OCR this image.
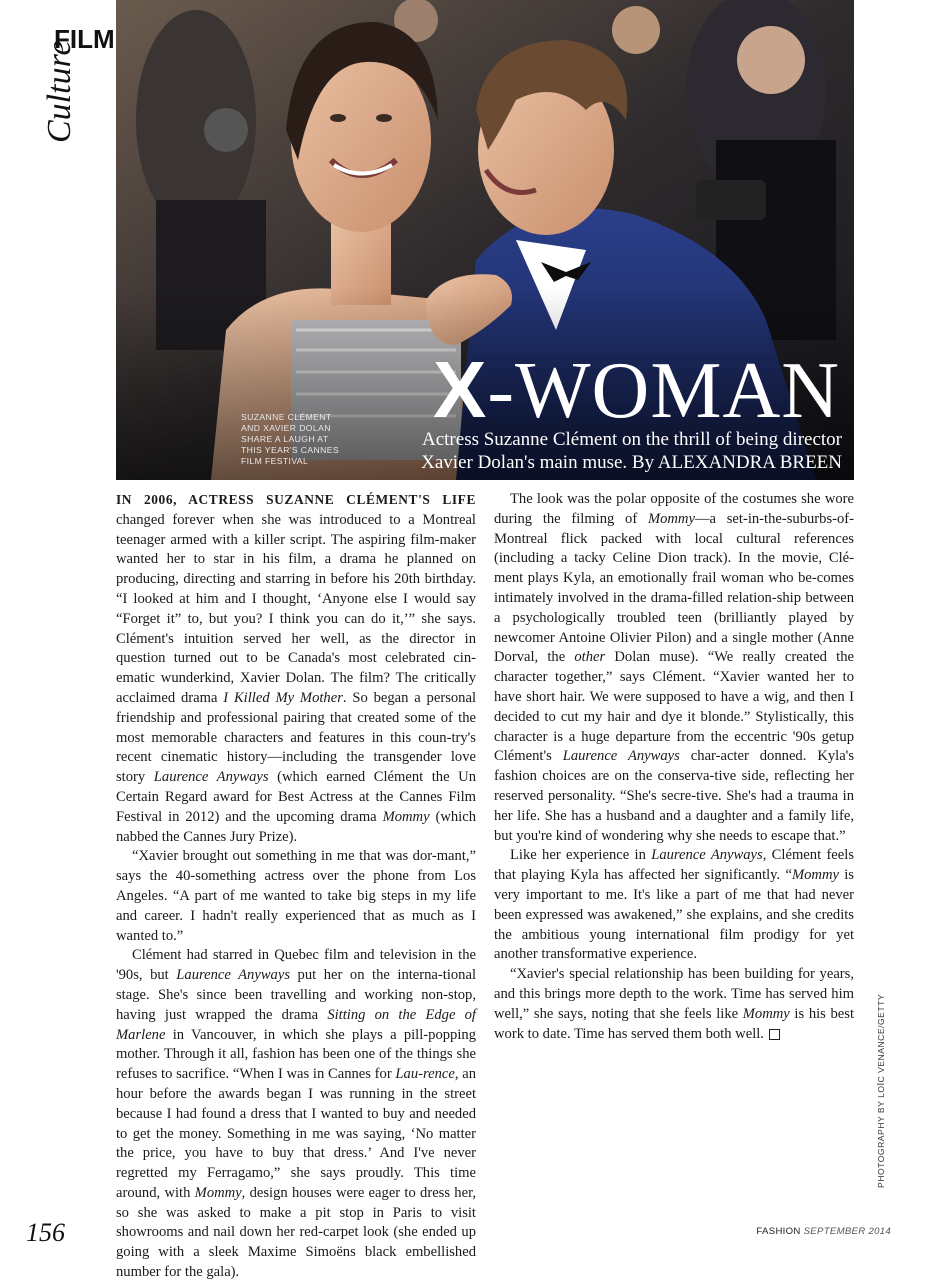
Culture
FILM
SUZANNE CLÉMENT
AND XAVIER DOLAN
SHARE A LAUGH AT
THIS YEAR'S CANNES
FILM FESTIVAL
X-WOMAN
Actress Suzanne Clément on the thrill of being director
Xavier Dolan's main muse. By ALEXANDRA BREEN

IN 2006, ACTRESS SUZANNE CLÉMENT'S LIFE changed forever when she was introduced to a Montreal teenager armed with a killer script. The aspiring film-maker wanted her to star in his film, a drama he planned on producing, directing and starring in before his 20th birthday. “I looked at him and I thought, ‘Anyone else I would say “Forget it” to, but you? I think you can do it,’” she says. Clément's intuition served her well, as the director in question turned out to be Canada's most celebrated cin-ematic wunderkind, Xavier Dolan. The film? The critically acclaimed drama I Killed My Mother. So began a personal friendship and professional pairing that created some of the most memorable characters and features in this coun-try's recent cinematic history—including the transgender love story Laurence Anyways (which earned Clément the Un Certain Regard award for Best Actress at the Cannes Film Festival in 2012) and the upcoming drama Mommy (which nabbed the Cannes Jury Prize).

“Xavier brought out something in me that was dor-mant,” says the 40-something actress over the phone from Los Angeles. “A part of me wanted to take big steps in my life and career. I hadn't really experienced that as much as I wanted to.”

Clément had starred in Quebec film and television in the '90s, but Laurence Anyways put her on the interna-tional stage. She's since been travelling and working non-stop, having just wrapped the drama Sitting on the Edge of Marlene in Vancouver, in which she plays a pill-popping mother. Through it all, fashion has been one of the things she refuses to sacrifice. “When I was in Cannes for Lau-rence, an hour before the awards began I was running in the street because I had found a dress that I wanted to buy and needed to get the money. Something in me was saying, ‘No matter the price, you have to buy that dress.’ And I've never regretted my Ferragamo,” she says proudly. This time around, with Mommy, design houses were eager to dress her, so she was asked to make a pit stop in Paris to visit showrooms and nail down her red-carpet look (she ended up going with a sleek Maxime Simoëns black embellished number for the gala).

The look was the polar opposite of the costumes she wore during the filming of Mommy—a set-in-the-suburbs-of-Montreal flick packed with local cultural references (including a tacky Celine Dion track). In the movie, Clé-ment plays Kyla, an emotionally frail woman who be-comes intimately involved in the drama-filled relation-ship between a psychologically troubled teen (brilliantly played by newcomer Antoine Olivier Pilon) and a single mother (Anne Dorval, the other Dolan muse). “We really created the character together,” says Clément. “Xavier wanted her to have short hair. We were supposed to have a wig, and then I decided to cut my hair and dye it blonde.” Stylistically, this character is a huge departure from the eccentric '90s getup Clément's Laurence Anyways char-acter donned. Kyla's fashion choices are on the conserva-tive side, reflecting her reserved personality. “She's secre-tive. She's had a trauma in her life. She has a husband and a daughter and a family life, but you're kind of wondering why she needs to escape that.”

Like her experience in Laurence Anyways, Clément feels that playing Kyla has affected her significantly. “Mommy is very important to me. It's like a part of me that had never been expressed was awakened,” she explains, and she credits the ambitious young international film prodigy for yet another transformative experience.

“Xavier's special relationship has been building for years, and this brings more depth to the work. Time has served him well,” she says, noting that she feels like Mommy is his best work to date. Time has served them both well.	PHOTOGRAPHY BY LOÏC VENANCE/GETTY
156	FASHION SEPTEMBER 2014
